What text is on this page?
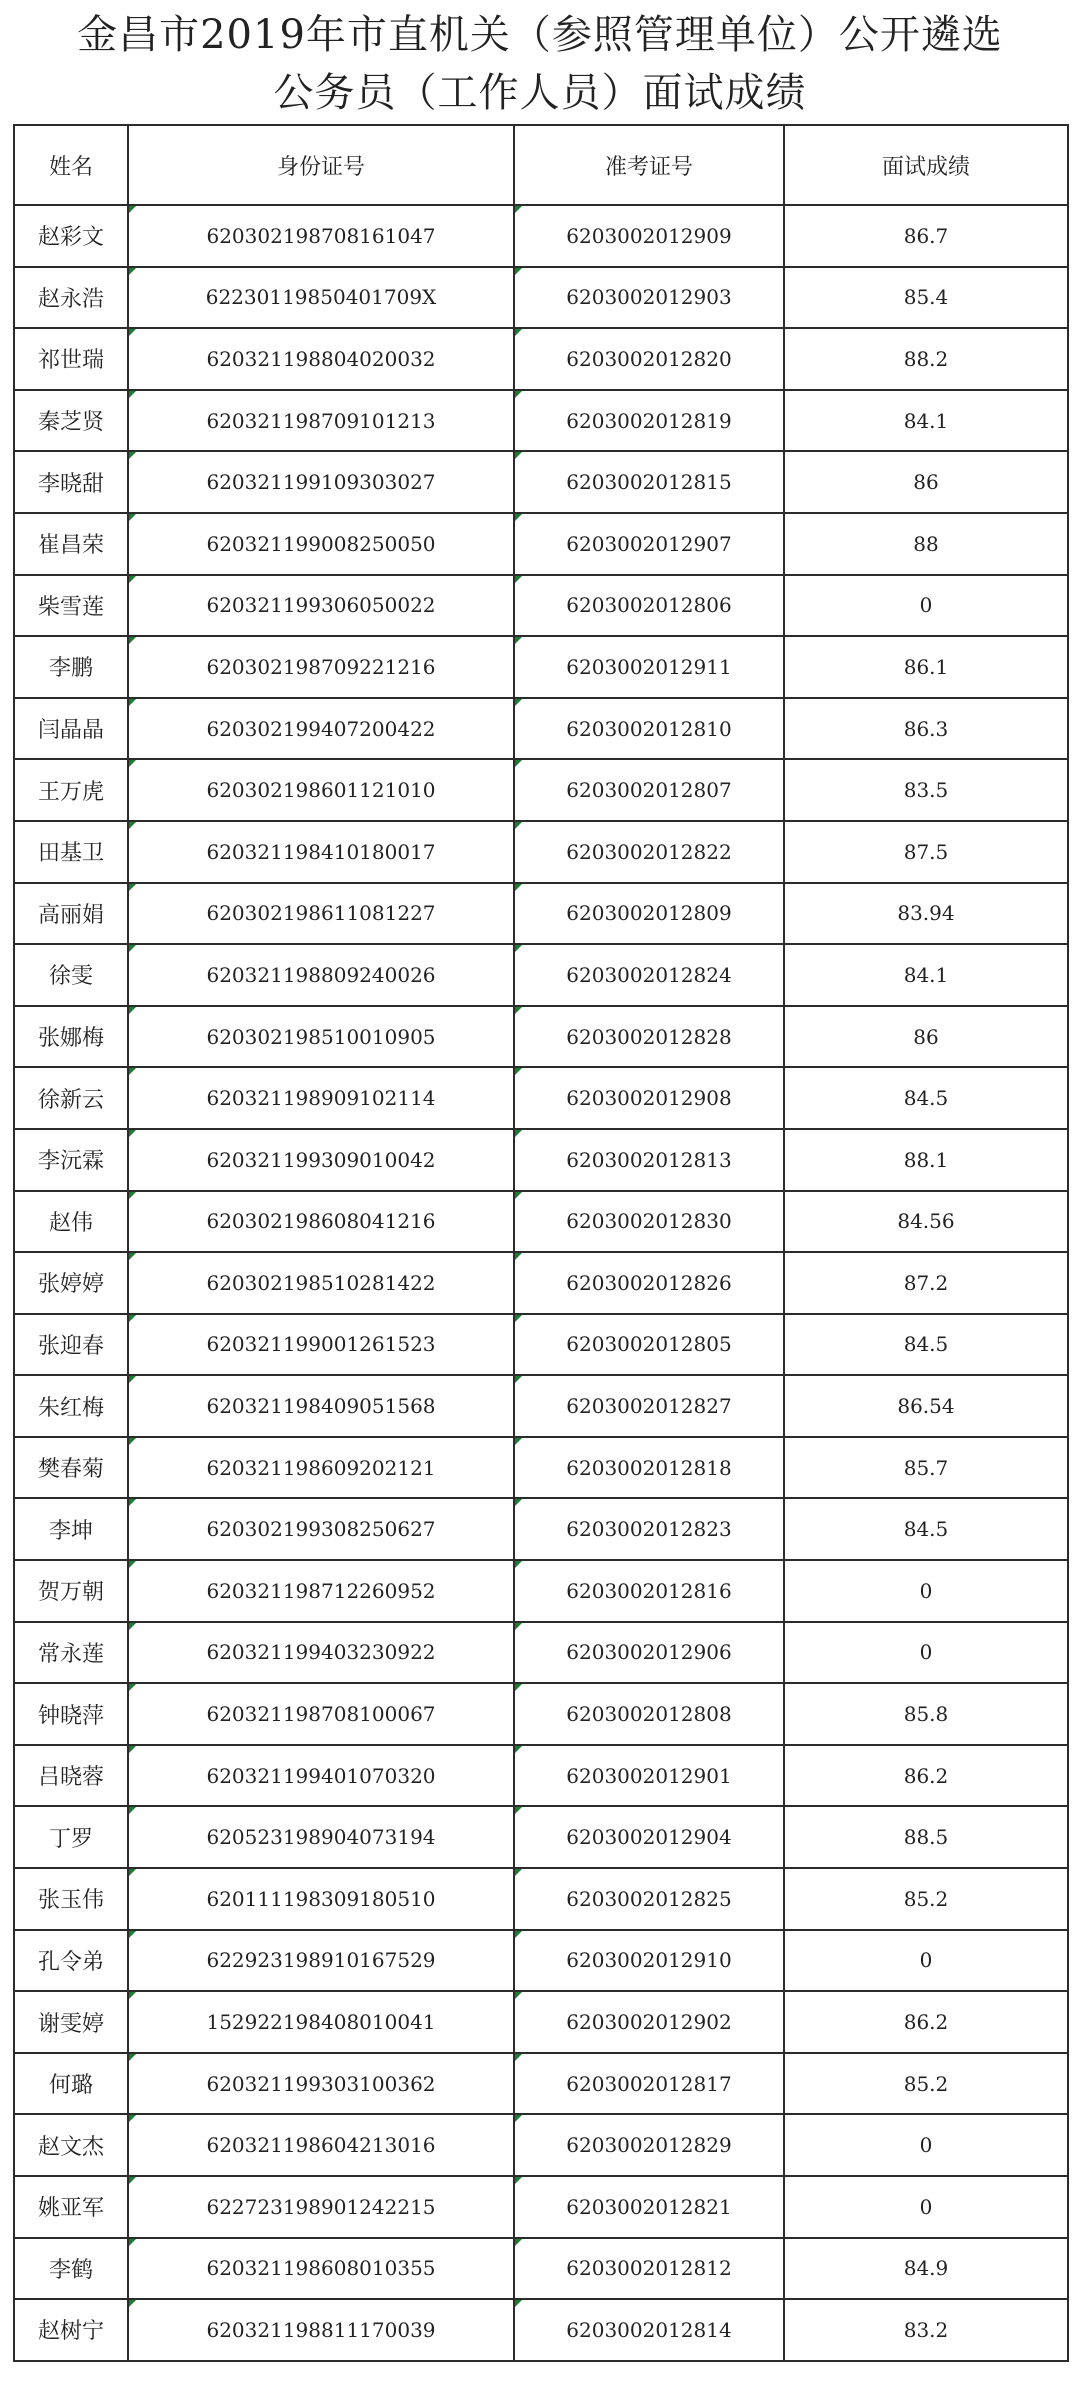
金昌市2019年市直机关（参照管理单位）公开遴选
公务员（工作人员）面试成绩
姓名	身份证号	准考证号	面试成绩
赵彩文	620302198708161047	6203002012909	86.7
赵永浩	62230119850401709X	6203002012903	85.4
祁世瑞	620321198804020032	6203002012820	88.2
秦芝贤	620321198709101213	6203002012819	84.1
李晓甜	620321199109303027	6203002012815	86
崔昌荣	620321199008250050	6203002012907	88
柴雪莲	620321199306050022	6203002012806	0
李鹏	620302198709221216	6203002012911	86.1
闫晶晶	620302199407200422	6203002012810	86.3
王万虎	620302198601121010	6203002012807	83.5
田基卫	620321198410180017	6203002012822	87.5
高丽娟	620302198611081227	6203002012809	83.94
徐雯	620321198809240026	6203002012824	84.1
张娜梅	620302198510010905	6203002012828	86
徐新云	620321198909102114	6203002012908	84.5
李沅霖	620321199309010042	6203002012813	88.1
赵伟	620302198608041216	6203002012830	84.56
张婷婷	620302198510281422	6203002012826	87.2
张迎春	620321199001261523	6203002012805	84.5
朱红梅	620321198409051568	6203002012827	86.54
樊春菊	620321198609202121	6203002012818	85.7
李坤	620302199308250627	6203002012823	84.5
贺万朝	620321198712260952	6203002012816	0
常永莲	620321199403230922	6203002012906	0
钟晓萍	620321198708100067	6203002012808	85.8
吕晓蓉	620321199401070320	6203002012901	86.2
丁罗	620523198904073194	6203002012904	88.5
张玉伟	620111198309180510	6203002012825	85.2
孔令弟	622923198910167529	6203002012910	0
谢雯婷	152922198408010041	6203002012902	86.2
何璐	620321199303100362	6203002012817	85.2
赵文杰	620321198604213016	6203002012829	0
姚亚军	622723198901242215	6203002012821	0
李鹤	620321198608010355	6203002012812	84.9
赵树宁	620321198811170039	6203002012814	83.2
